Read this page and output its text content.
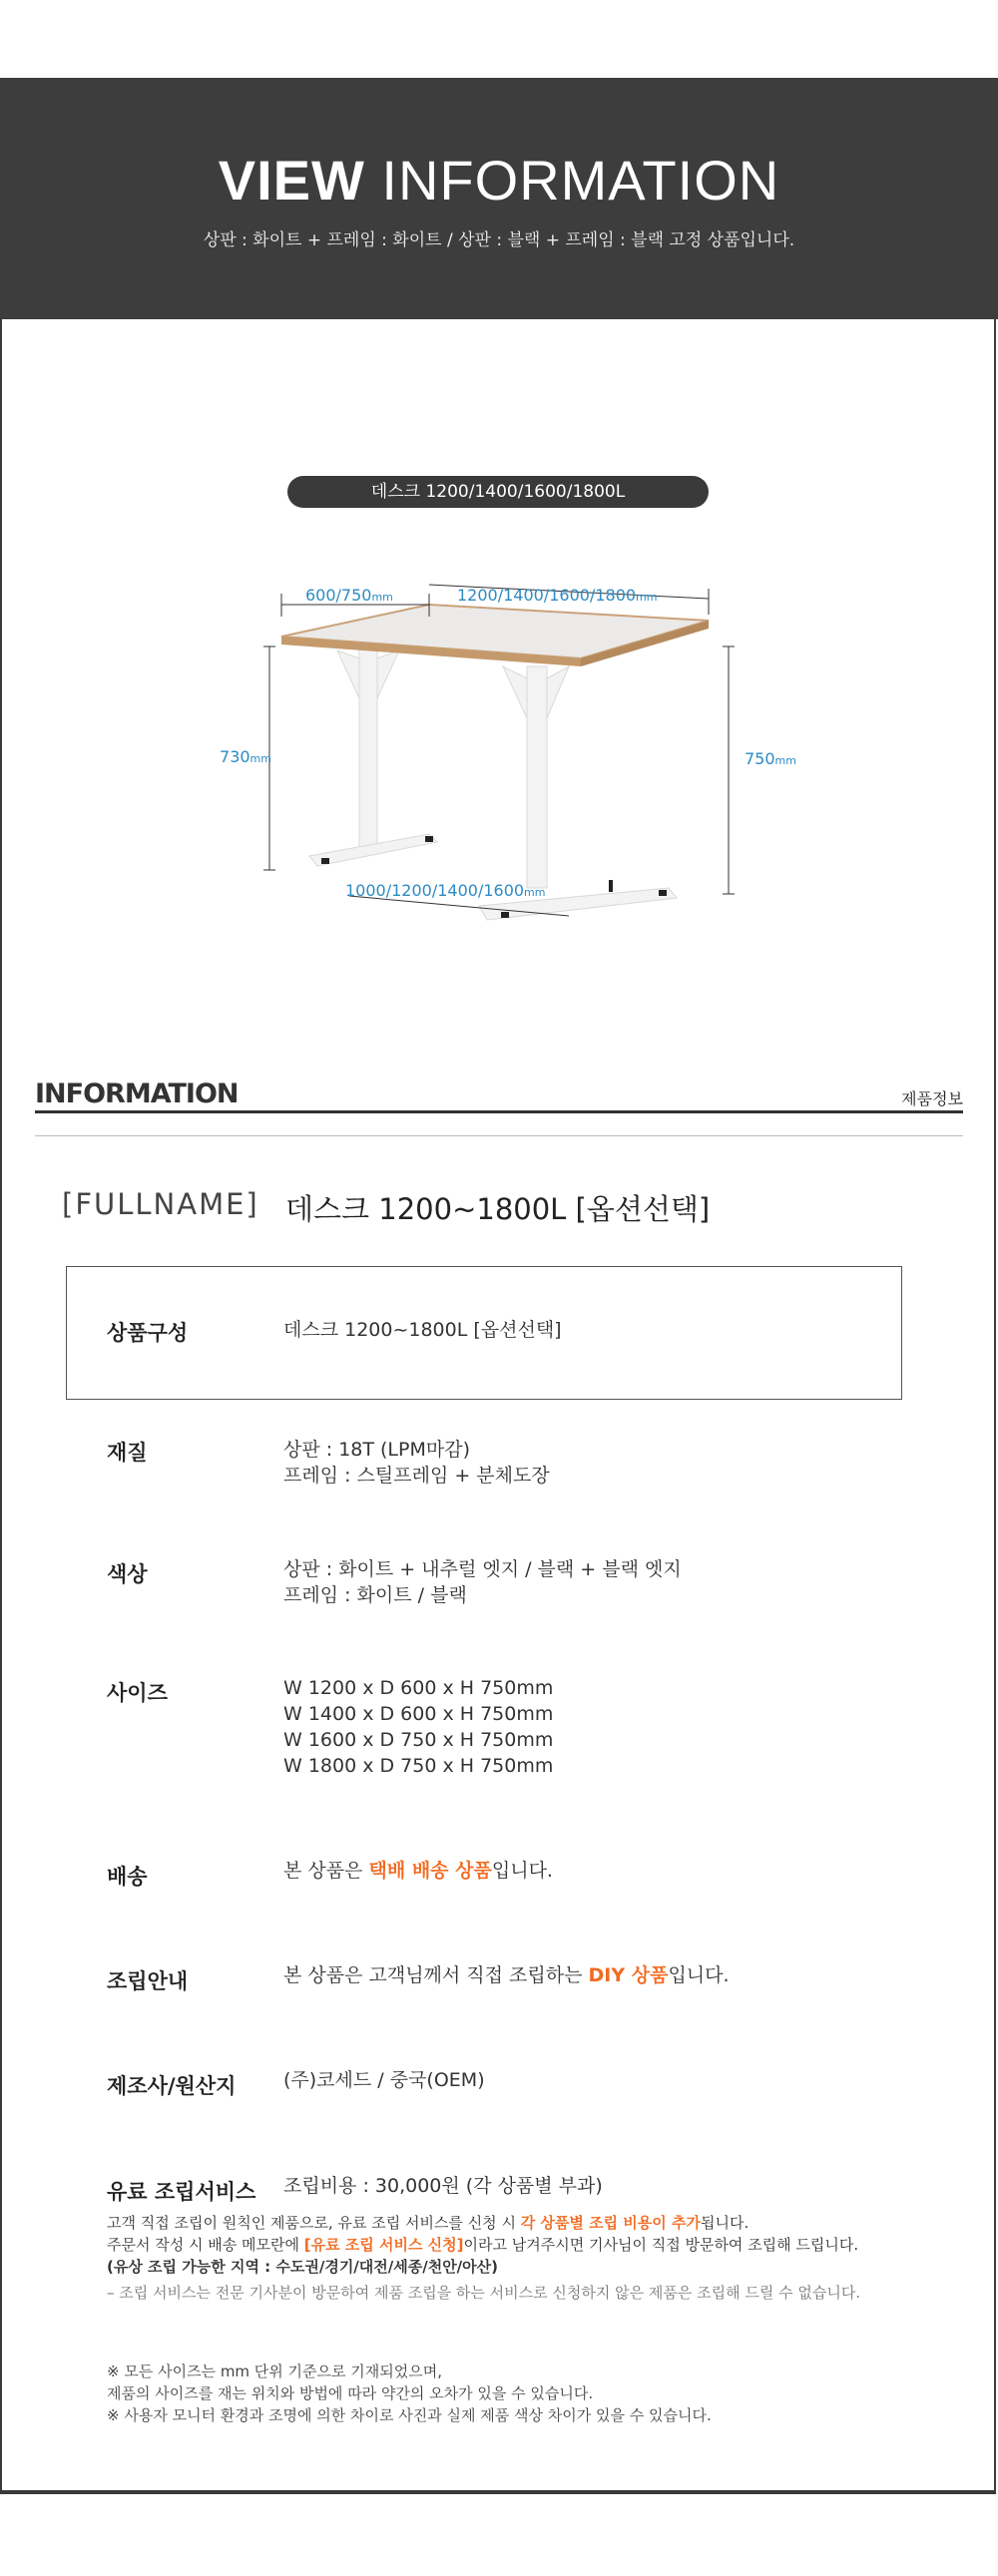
VIEW INFORMATION
상판 : 화이트 + 프레임 : 화이트 / 상판 : 블랙 + 프레임 : 블랙 고정 상품입니다.
데스크 1200/1400/1600/1800L
600/750mm	1200/1400/1600/1800mm
730mm	750mm
1000/1200/1400/1600mm
INFORMATION	제품정보
[FULLNAME] 데스크 1200~1800L [옵션선택]
상품구성	데스크 1200~1800L [옵션선택]
재질	상판 : 18T (LPM마감)
프레임 : 스틸프레임 + 분체도장
색상	상판 : 화이트 + 내추럴 엣지 / 블랙 + 블랙 엣지
프레임 : 화이트 / 블랙
사이즈	W 1200 x D 600 x H 750mm
W 1400 x D 600 x H 750mm
W 1600 x D 750 x H 750mm
W 1800 x D 750 x H 750mm
배송	본 상품은 택배 배송 상품입니다.
조립안내	본 상품은 고객님께서 직접 조립하는 DIY 상품입니다.
제조사/원산지	(주)코세드 / 중국(OEM)
유료 조립서비스 조립비용 : 30,000원 (각 상품별 부과)
고객 직접 조립이 원칙인 제품으로, 유료 조립 서비스를 신청 시 각 상품별 조립 비용이 추가됩니다.
주문서 작성 시 배송 메모란에 [유료 조립 서비스 신청]이라고 남겨주시면 기사님이 직접 방문하여 조립해 드립니다.
(유상 조립 가능한 지역 : 수도권/경기/대전/세종/천안/아산)
– 조립 서비스는 전문 기사분이 방문하여 제품 조립을 하는 서비스로 신청하지 않은 제품은 조립해 드릴 수 없습니다.
※ 모든 사이즈는 mm 단위 기준으로 기재되었으며,
제품의 사이즈를 재는 위치와 방법에 따라 약간의 오차가 있을 수 있습니다.
※ 사용자 모니터 환경과 조명에 의한 차이로 사진과 실제 제품 색상 차이가 있을 수 있습니다.
